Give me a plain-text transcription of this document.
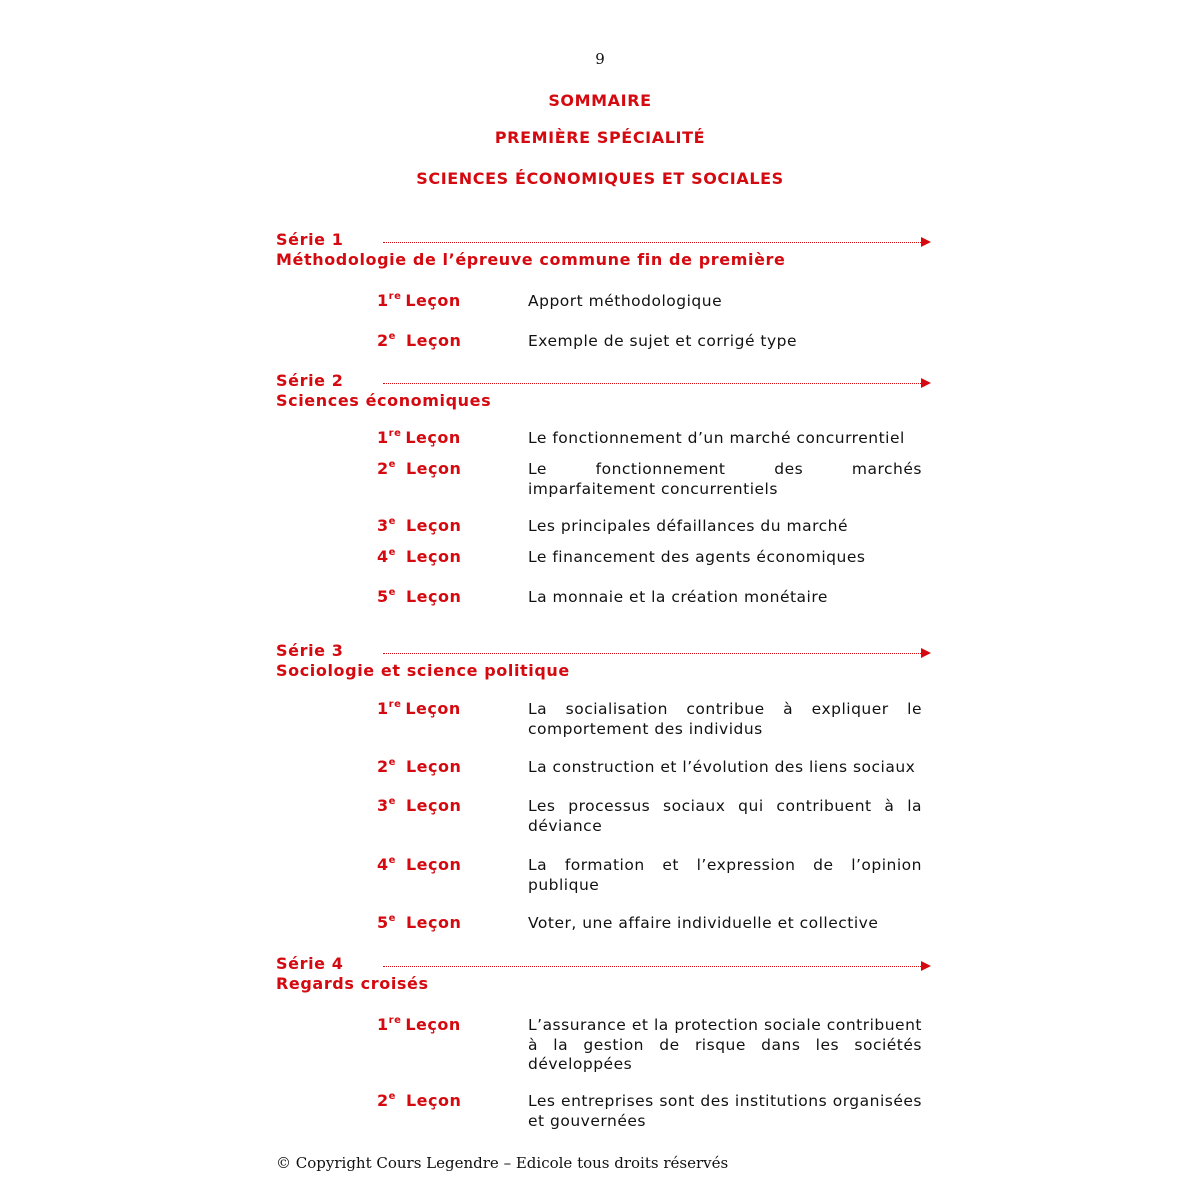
9
SOMMAIRE
PREMIÈRE SPÉCIALITÉ
SCIENCES ÉCONOMIQUES ET SOCIALES
Série 1
Méthodologie de l’épreuve commune fin de première
1re Leçon	Apport méthodologique
2e Leçon	Exemple de sujet et corrigé type
Série 2
Sciences économiques
1re Leçon	Le fonctionnement d’un marché concurrentiel
2e Leçon	Le fonctionnement des marchés imparfaitement concurrentiels
3e Leçon	Les principales défaillances du marché
4e Leçon	Le financement des agents économiques
5e Leçon	La monnaie et la création monétaire
Série 3
Sociologie et science politique
1re Leçon	La socialisation contribue à expliquer le comportement des individus
2e Leçon	La construction et l’évolution des liens sociaux
3e Leçon	Les processus sociaux qui contribuent à la déviance
4e Leçon	La formation et l’expression de l’opinion publique
5e Leçon	Voter, une affaire individuelle et collective
Série 4
Regards croisés
1re Leçon	L’assurance et la protection sociale contribuent à la gestion de risque dans les sociétés développées
2e Leçon	Les entreprises sont des institutions organisées et gouvernées
© Copyright Cours Legendre – Edicole tous droits réservés
